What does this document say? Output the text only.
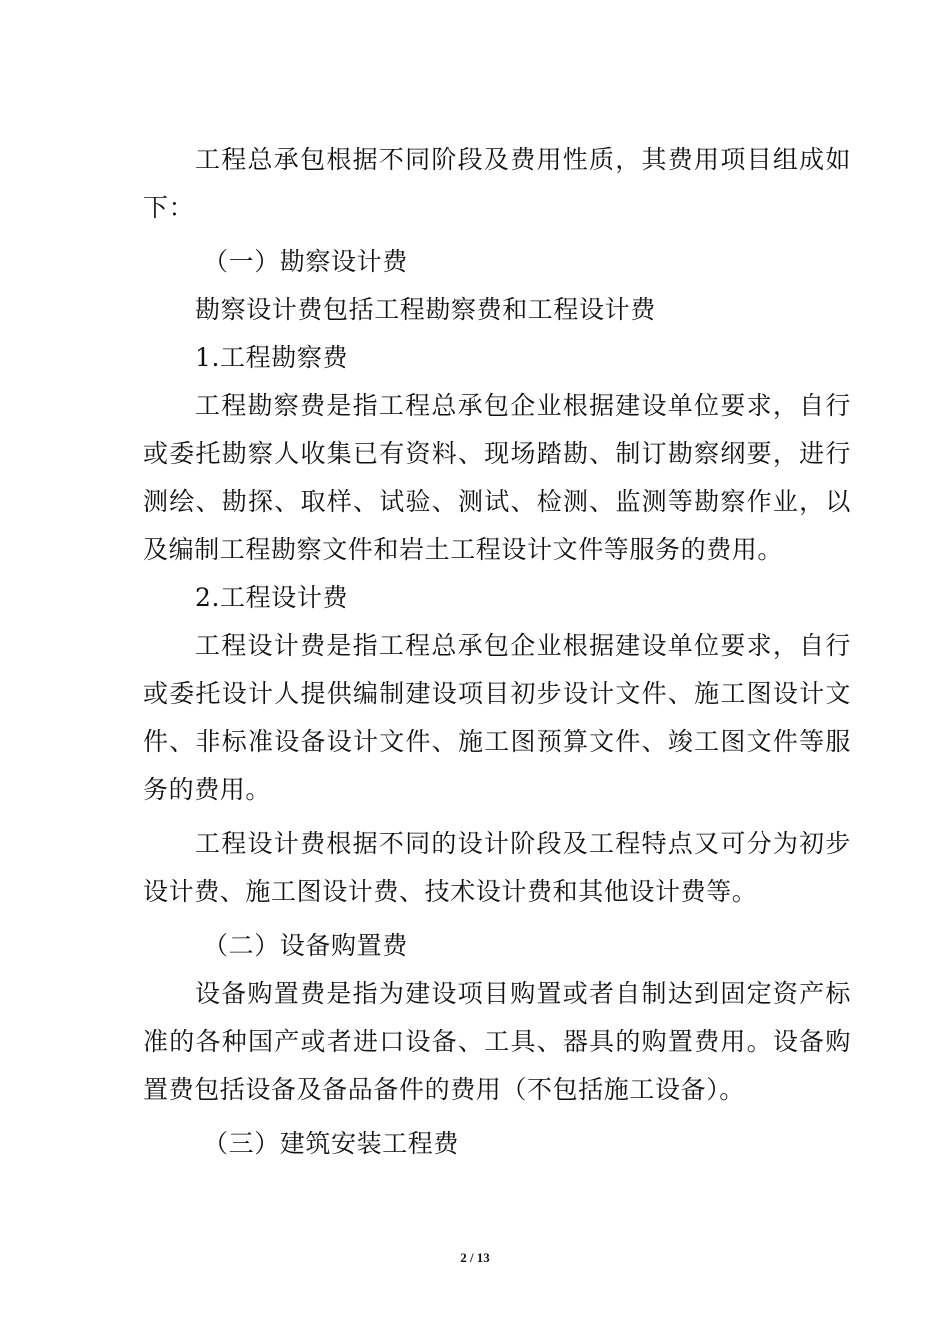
工程总承包根据不同阶段及费用性质，其费用项目组成如下：

（一）勘察设计费

勘察设计费包括工程勘察费和工程设计费

1.工程勘察费

工程勘察费是指工程总承包企业根据建设单位要求，自行或委托勘察人收集已有资料、现场踏勘、制订勘察纲要，进行测绘、勘探、取样、试验、测试、检测、监测等勘察作业，以及编制工程勘察文件和岩土工程设计文件等服务的费用。

2.工程设计费

工程设计费是指工程总承包企业根据建设单位要求，自行或委托设计人提供编制建设项目初步设计文件、施工图设计文件、非标准设备设计文件、施工图预算文件、竣工图文件等服务的费用。

工程设计费根据不同的设计阶段及工程特点又可分为初步设计费、施工图设计费、技术设计费和其他设计费等。

（二）设备购置费

设备购置费是指为建设项目购置或者自制达到固定资产标准的各种国产或者进口设备、工具、器具的购置费用。设备购置费包括设备及备品备件的费用（不包括施工设备）。

（三）建筑安装工程费

2 / 13
